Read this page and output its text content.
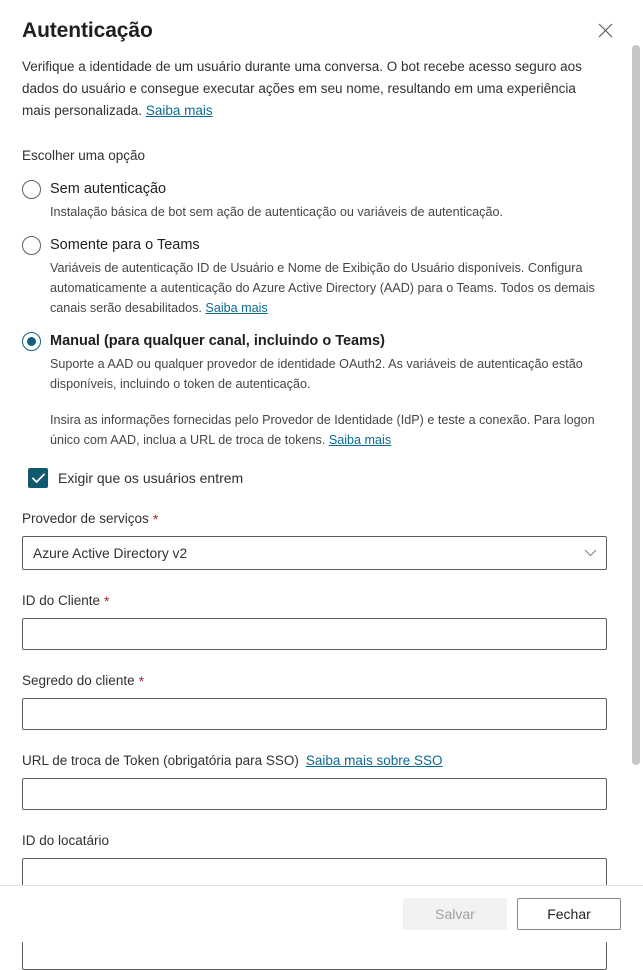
Autenticação

Verifique a identidade de um usuário durante uma conversa. O bot recebe acesso seguro aos dados do usuário e consegue executar ações em seu nome, resultando em uma experiência mais personalizada. Saiba mais

Escolher uma opção
Sem autenticação
Instalação básica de bot sem ação de autenticação ou variáveis de autenticação.
Somente para o Teams
Variáveis de autenticação ID de Usuário e Nome de Exibição do Usuário disponíveis. Configura automaticamente a autenticação do Azure Active Directory (AAD) para o Teams. Todos os demais canais serão desabilitados. Saiba mais
Manual (para qualquer canal, incluindo o Teams)
Suporte a AAD ou qualquer provedor de identidade OAuth2. As variáveis de autenticação estão disponíveis, incluindo o token de autenticação.
Insira as informações fornecidas pelo Provedor de Identidade (IdP) e teste a conexão. Para logon único com AAD, inclua a URL de troca de tokens. Saiba mais
Exigir que os usuários entrem
Provedor de serviços *
Azure Active Directory v2
ID do Cliente *
Segredo do cliente *
URL de troca de Token (obrigatória para SSO) Saiba mais sobre SSO
ID do locatário
Salvar	Fechar
